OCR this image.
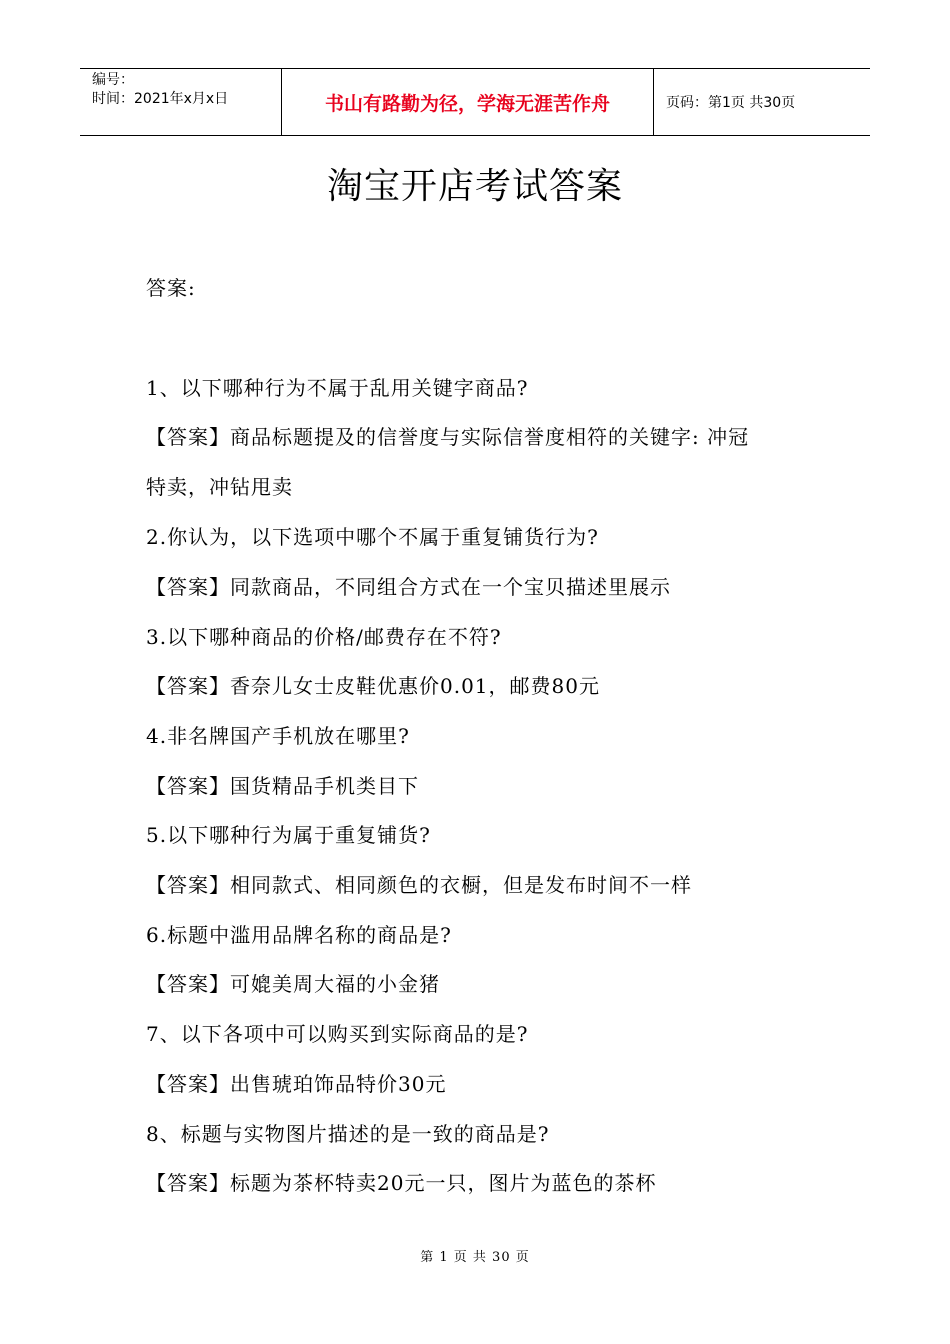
编号：
时间：2021年x月x日	书山有路勤为径，学海无涯苦作舟	页码：第1页 共30页
淘宝开店考试答案
答案:
1、以下哪种行为不属于乱用关键字商品?
【答案】商品标题提及的信誉度与实际信誉度相符的关键字: 冲冠
特卖，冲钻甩卖
2.你认为，以下选项中哪个不属于重复铺货行为?
【答案】同款商品，不同组合方式在一个宝贝描述里展示
3.以下哪种商品的价格/邮费存在不符?
【答案】香奈儿女士皮鞋优惠价0.01，邮费80元
4.非名牌国产手机放在哪里?
【答案】国货精品手机类目下
5.以下哪种行为属于重复铺货?
【答案】相同款式、相同颜色的衣橱，但是发布时间不一样
6.标题中滥用品牌名称的商品是?
【答案】可媲美周大福的小金猪
7、以下各项中可以购买到实际商品的是?
【答案】出售琥珀饰品特价30元
8、标题与实物图片描述的是一致的商品是?
【答案】标题为茶杯特卖20元一只，图片为蓝色的茶杯
第 1 页 共 30 页
